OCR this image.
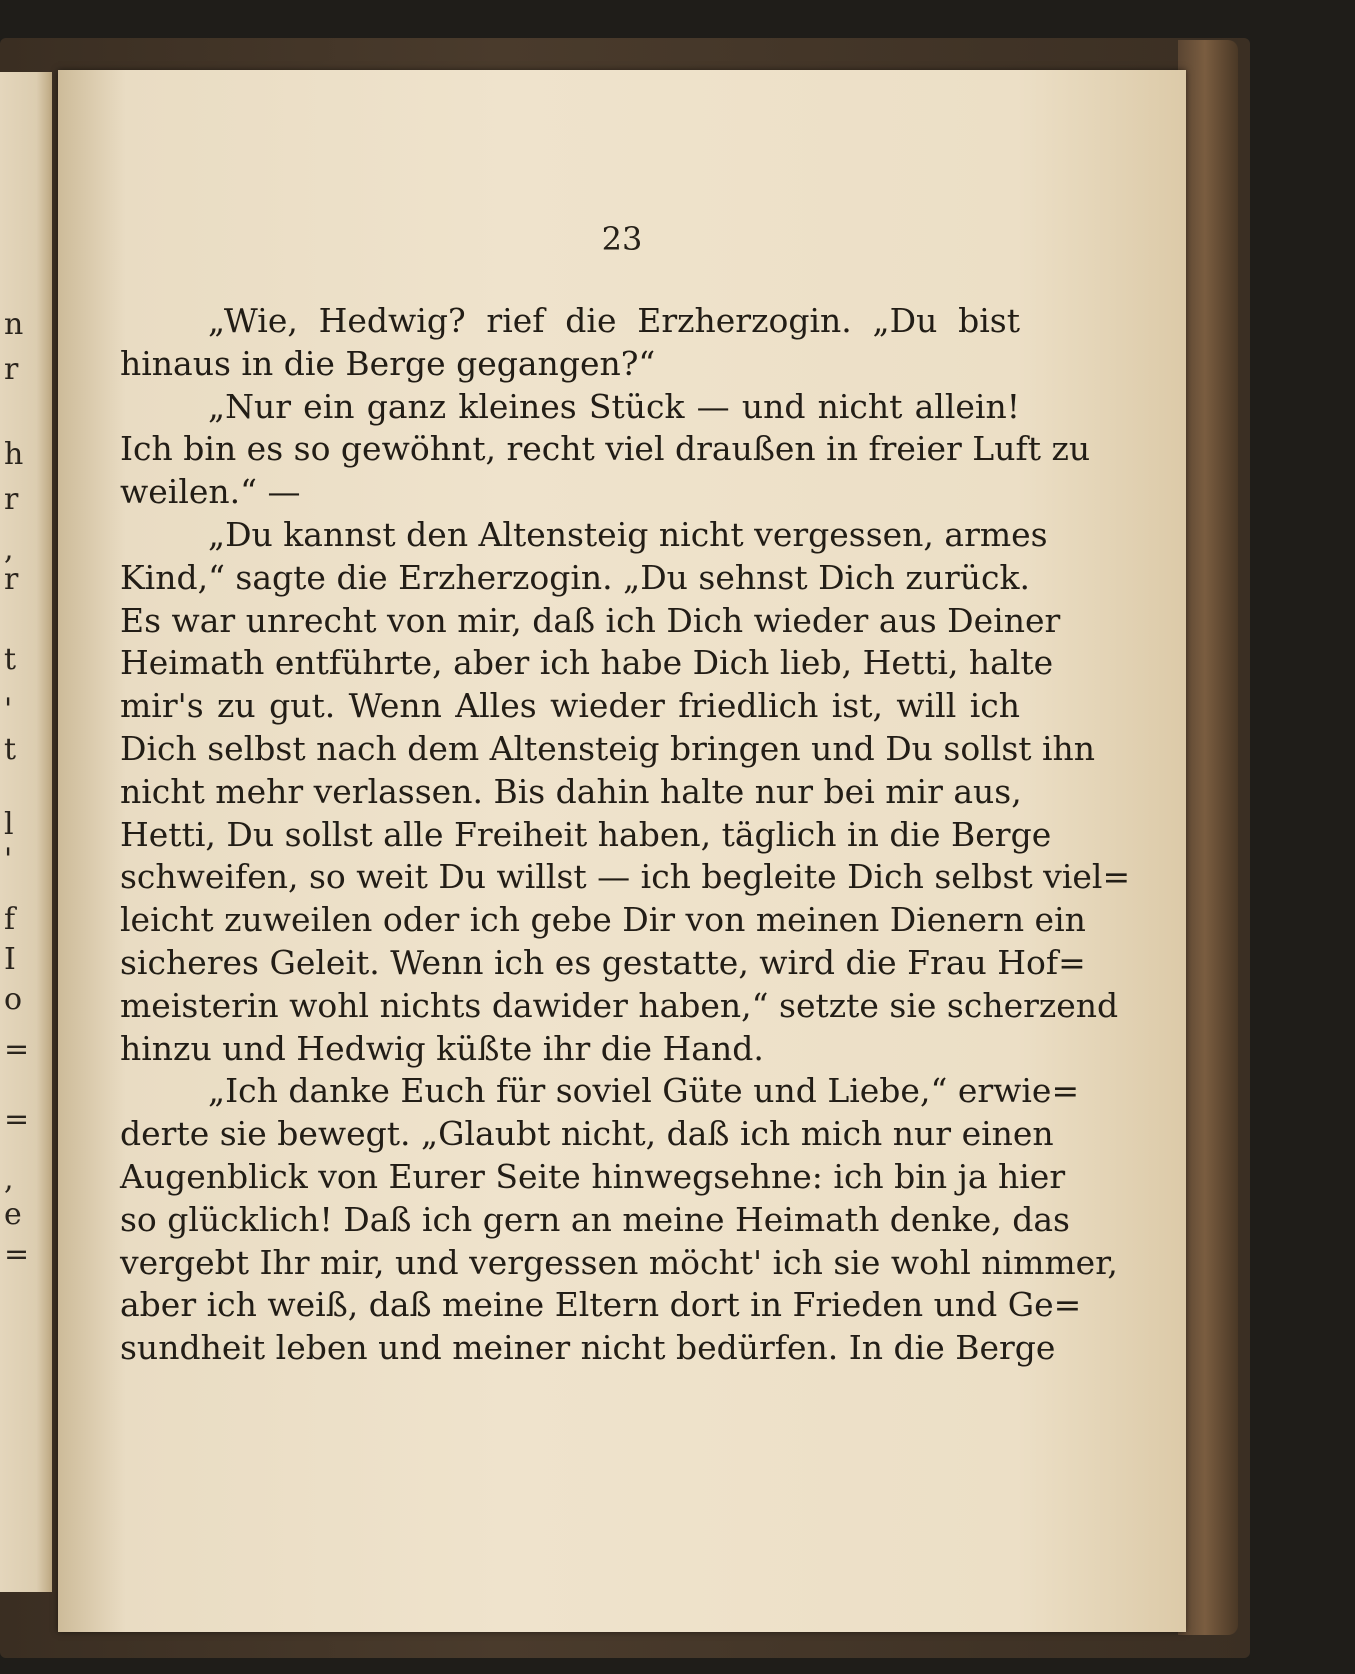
n
r
h
r
,
r
t
'
t
l
'
f
I
o
=
=
,
e
=
23
„Wie, Hedwig? rief die Erzherzogin. „Du bist
hinaus in die Berge gegangen?“
„Nur ein ganz kleines Stück — und nicht allein!
Ich bin es so gewöhnt, recht viel draußen in freier Luft zu
weilen.“ —
„Du kannst den Altensteig nicht vergessen, armes
Kind,“ sagte die Erzherzogin. „Du sehnst Dich zurück.
Es war unrecht von mir, daß ich Dich wieder aus Deiner
Heimath entführte, aber ich habe Dich lieb, Hetti, halte
mir's zu gut. Wenn Alles wieder friedlich ist, will ich
Dich selbst nach dem Altensteig bringen und Du sollst ihn
nicht mehr verlassen. Bis dahin halte nur bei mir aus,
Hetti, Du sollst alle Freiheit haben, täglich in die Berge
schweifen, so weit Du willst — ich begleite Dich selbst viel=
leicht zuweilen oder ich gebe Dir von meinen Dienern ein
sicheres Geleit. Wenn ich es gestatte, wird die Frau Hof=
meisterin wohl nichts dawider haben,“ setzte sie scherzend
hinzu und Hedwig küßte ihr die Hand.
„Ich danke Euch für soviel Güte und Liebe,“ erwie=
derte sie bewegt. „Glaubt nicht, daß ich mich nur einen
Augenblick von Eurer Seite hinwegsehne: ich bin ja hier
so glücklich! Daß ich gern an meine Heimath denke, das
vergebt Ihr mir, und vergessen möcht' ich sie wohl nimmer,
aber ich weiß, daß meine Eltern dort in Frieden und Ge=
sundheit leben und meiner nicht bedürfen. In die Berge
